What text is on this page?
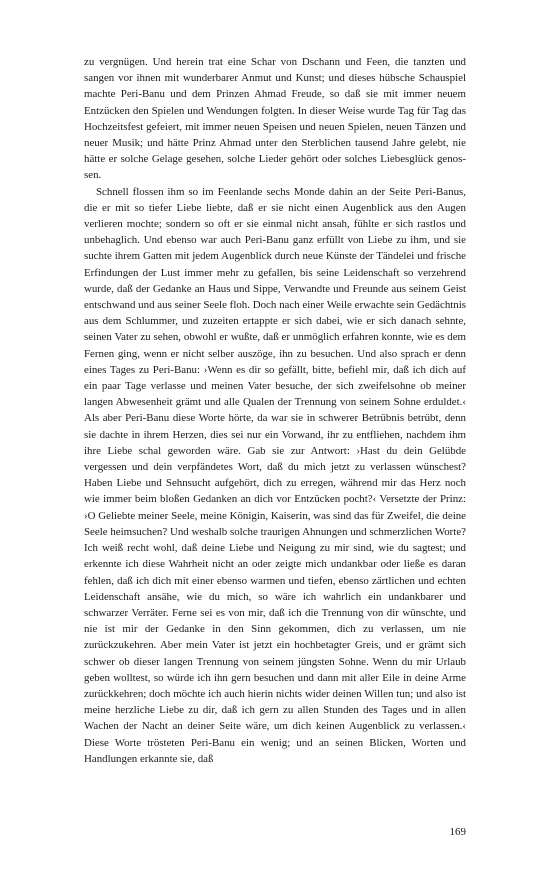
zu vergnügen. Und herein trat eine Schar von Dschann und Feen, die tanzten und sangen vor ihnen mit wunderbarer Anmut und Kunst; und dieses hübsche Schauspiel machte Peri-Banu und dem Prinzen Ahmad Freude, so daß sie mit immer neuem Entzücken den Spielen und Wendungen folgten. In dieser Weise wurde Tag für Tag das Hochzeitsfest gefeiert, mit immer neuen Speisen und neuen Spielen, neuen Tänzen und neuer Musik; und hätte Prinz Ahmad unter den Sterblichen tausend Jahre gelebt, nie hätte er solche Gelage gesehen, solche Lieder gehört oder solches Liebesglück genossen.

Schnell flossen ihm so im Feenlande sechs Monde dahin an der Seite Peri-Banus, die er mit so tiefer Liebe liebte, daß er sie nicht einen Augenblick aus den Augen verlieren mochte; sondern so oft er sie einmal nicht ansah, fühlte er sich rastlos und unbehaglich. Und ebenso war auch Peri-Banu ganz erfüllt von Liebe zu ihm, und sie suchte ihrem Gatten mit jedem Augenblick durch neue Künste der Tändelei und frische Erfindungen der Lust immer mehr zu gefallen, bis seine Leidenschaft so verzehrend wurde, daß der Gedanke an Haus und Sippe, Verwandte und Freunde aus seinem Geist entschwand und aus seiner Seele floh. Doch nach einer Weile erwachte sein Gedächtnis aus dem Schlummer, und zuzeiten ertappte er sich dabei, wie er sich danach sehnte, seinen Vater zu sehen, obwohl er wußte, daß er unmöglich erfahren konnte, wie es dem Fernen ging, wenn er nicht selber auszöge, ihn zu besuchen. Und also sprach er denn eines Tages zu Peri-Banu: ›Wenn es dir so gefällt, bitte, befiehl mir, daß ich dich auf ein paar Tage verlasse und meinen Vater besuche, der sich zweifelsohne ob meiner langen Abwesenheit grämt und alle Qualen der Trennung von seinem Sohne erduldet.‹ Als aber Peri-Banu diese Worte hörte, da war sie in schwerer Betrübnis betrübt, denn sie dachte in ihrem Herzen, dies sei nur ein Vorwand, ihr zu entfliehen, nachdem ihm ihre Liebe schal geworden wäre. Gab sie zur Antwort: ›Hast du dein Gelübde vergessen und dein verpfändetes Wort, daß du mich jetzt zu verlassen wünschest? Haben Liebe und Sehnsucht aufgehört, dich zu erregen, während mir das Herz noch wie immer beim bloßen Gedanken an dich vor Entzücken pocht?‹ Versetzte der Prinz: ›O Geliebte meiner Seele, meine Königin, Kaiserin, was sind das für Zweifel, die deine Seele heimsuchen? Und weshalb solche traurigen Ahnungen und schmerzlichen Worte? Ich weiß recht wohl, daß deine Liebe und Neigung zu mir sind, wie du sagtest; und erkennte ich diese Wahrheit nicht an oder zeigte mich undankbar oder ließe es daran fehlen, daß ich dich mit einer ebenso warmen und tiefen, ebenso zärtlichen und echten Leidenschaft ansähe, wie du mich, so wäre ich wahrlich ein undankbarer und schwarzer Verräter. Ferne sei es von mir, daß ich die Trennung von dir wünschte, und nie ist mir der Gedanke in den Sinn gekommen, dich zu verlassen, um nie zurückzukehren. Aber mein Vater ist jetzt ein hochbetagter Greis, und er grämt sich schwer ob dieser langen Trennung von seinem jüngsten Sohne. Wenn du mir Urlaub geben wolltest, so würde ich ihn gern besuchen und dann mit aller Eile in deine Arme zurückkehren; doch möchte ich auch hierin nichts wider deinen Willen tun; und also ist meine herzliche Liebe zu dir, daß ich gern zu allen Stunden des Tages und in allen Wachen der Nacht an deiner Seite wäre, um dich keinen Augenblick zu verlassen.‹ Diese Worte trösteten Peri-Banu ein wenig; und an seinen Blicken, Worten und Handlungen erkannte sie, daß

169
